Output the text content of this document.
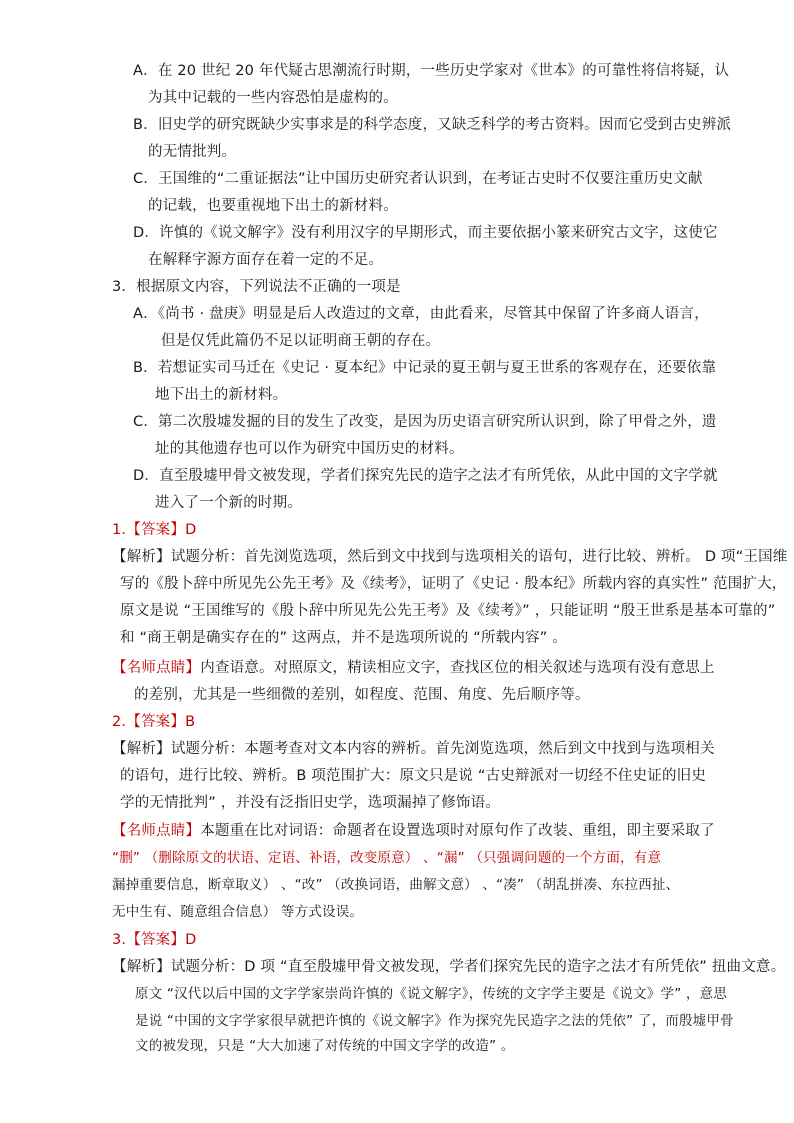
A．在 20 世纪 20 年代疑古思潮流行时期，一些历史学家对《世本》的可靠性将信将疑，认
为其中记载的一些内容恐怕是虚构的。
B．旧史学的研究既缺少实事求是的科学态度，又缺乏科学的考古资料。因而它受到古史辨派
的无情批判。
C．王国维的“二重证据法”让中国历史研究者认识到，在考证古史时不仅要注重历史文献
的记载，也要重视地下出土的新材料。
D．许慎的《说文解字》没有利用汉字的早期形式，而主要依据小篆来研究古文字，这使它
在解释字源方面存在着一定的不足。
3．根据原文内容，下列说法不正确的一项是
A．《尚书 · 盘庚》明显是后人改造过的文章，由此看来，尽管其中保留了许多商人语言，
但是仅凭此篇仍不足以证明商王朝的存在。
B．若想证实司马迁在《史记 · 夏本纪》中记录的夏王朝与夏王世系的客观存在，还要依靠
地下出土的新材料。
C．第二次殷墟发掘的目的发生了改变，是因为历史语言研究所认识到，除了甲骨之外，遗
址的其他遗存也可以作为研究中国历史的材料。
D．直至殷墟甲骨文被发现，学者们探究先民的造字之法才有所凭依，从此中国的文字学就
进入了一个新的时期。
1.【答案】D
【解析】试题分析：首先浏览选项，然后到文中找到与选项相关的语句，进行比较、辨析。 D 项“王国维
写的《殷卜辞中所见先公先王考》及《续考》，证明了《史记 · 殷本纪》所载内容的真实性” 范围扩大，
原文是说 “王国维写的《殷卜辞中所见先公先王考》及《续考》” ，只能证明 “殷王世系是基本可靠的”
和 “商王朝是确实存在的” 这两点，并不是选项所说的 “所载内容” 。
【名师点睛】内查语意。对照原文，精读相应文字，查找区位的相关叙述与选项有没有意思上
的差别，尤其是一些细微的差别，如程度、范围、角度、先后顺序等。
2.【答案】B
【解析】试题分析：本题考查对文本内容的辨析。首先浏览选项，然后到文中找到与选项相关
的语句，进行比较、辨析。B 项范围扩大：原文只是说 “古史辩派对一切经不住史证的旧史
学的无情批判” ，并没有泛指旧史学，选项漏掉了修饰语。
【名师点睛】本题重在比对词语：命题者在设置选项时对原句作了改装、重组，即主要采取了
“删” （删除原文的状语、定语、补语，改变原意） 、“漏” （只强调问题的一个方面，有意
漏掉重要信息，断章取义） 、“改” （改换词语，曲解文意） 、“凑” （胡乱拼凑、东拉西扯、
无中生有、随意组合信息） 等方式设误。
3.【答案】D
【解析】试题分析：D 项 “直至殷墟甲骨文被发现，学者们探究先民的造字之法才有所凭依” 扭曲文意。
原文 “汉代以后中国的文字学家崇尚许慎的《说文解字》，传统的文字学主要是《说文》学” ，意思
是说 “中国的文字学家很早就把许慎的《说文解字》作为探究先民造字之法的凭依” 了，而殷墟甲骨
文的被发现，只是 “大大加速了对传统的中国文字学的改造” 。
